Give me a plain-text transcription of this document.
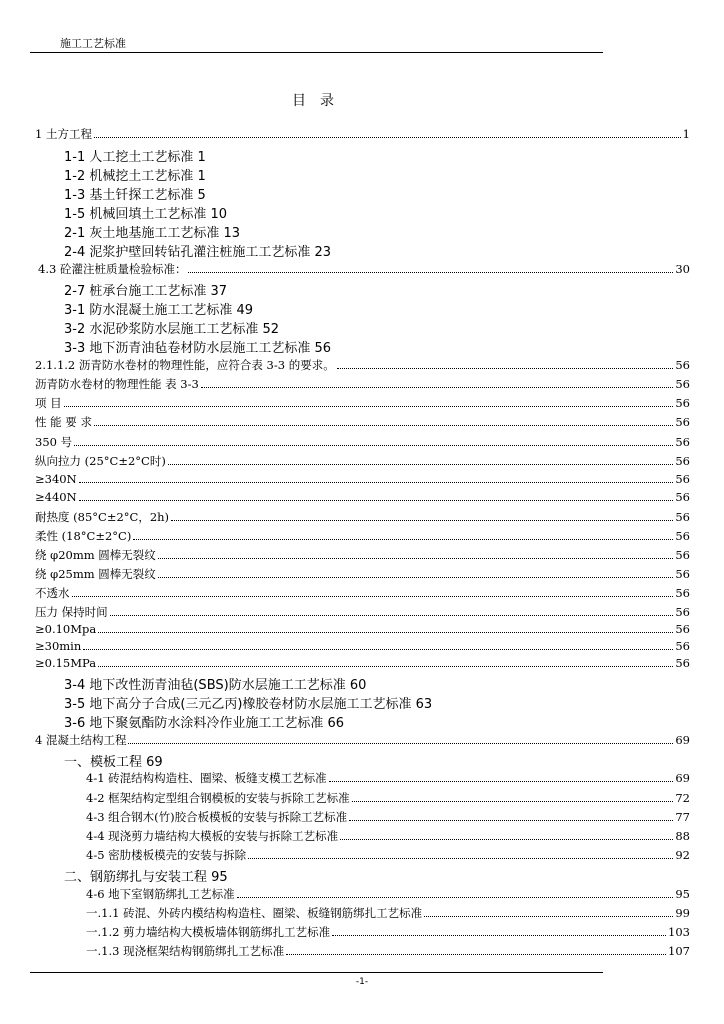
施工工艺标准
目录
1 土方工程	1
1-1 人工挖土工艺标准 1
1-2 机械挖土工艺标准 1
1-3 基土钎探工艺标准 5
1-5 机械回填土工艺标准 10
2-1 灰土地基施工工艺标准 13
2-4 泥浆护壁回转钻孔灌注桩施工工艺标准 23
4.3 砼灌注桩质量检验标准：	30
2-7 桩承台施工工艺标准 37
3-1 防水混凝土施工工艺标准 49
3-2 水泥砂浆防水层施工工艺标准 52
3-3 地下沥青油毡卷材防水层施工工艺标准 56
2.1.1.2 沥青防水卷材的物理性能，应符合表 3-3 的要求。	56
沥青防水卷材的物理性能 表 3-3	56
项 目	56
性 能 要 求	56
350 号	56
纵向拉力 (25°C±2°C时)	56
≥340N	56
≥440N	56
耐热度 (85°C±2°C，2h)	56
柔性 (18°C±2°C)	56
绕 φ20mm 圆棒无裂纹	56
绕 φ25mm 圆棒无裂纹	56
不透水	56
压力 保持时间	56
≥0.10Mpa	56
≥30min	56
≥0.15MPa	56
3-4 地下改性沥青油毡(SBS)防水层施工工艺标准 60
3-5 地下高分子合成(三元乙丙)橡胶卷材防水层施工工艺标准 63
3-6 地下聚氨酯防水涂料冷作业施工工艺标准 66
4 混凝土结构工程	69
一、模板工程 69
4-1 砖混结构构造柱、圈梁、板缝支模工艺标准	69
4-2 框架结构定型组合钢模板的安装与拆除工艺标准	72
4-3 组合钢木(竹)胶合板模板的安装与拆除工艺标准	77
4-4 现浇剪力墙结构大模板的安装与拆除工艺标准	88
4-5 密肋楼板模壳的安装与拆除	92
二、钢筋绑扎与安装工程 95
4-6 地下室钢筋绑扎工艺标准	95
一.1.1 砖混、外砖内模结构构造柱、圈梁、板缝钢筋绑扎工艺标准	99
一.1.2 剪力墙结构大模板墙体钢筋绑扎工艺标准	103
一.1.3 现浇框架结构钢筋绑扎工艺标准	107
-1-
